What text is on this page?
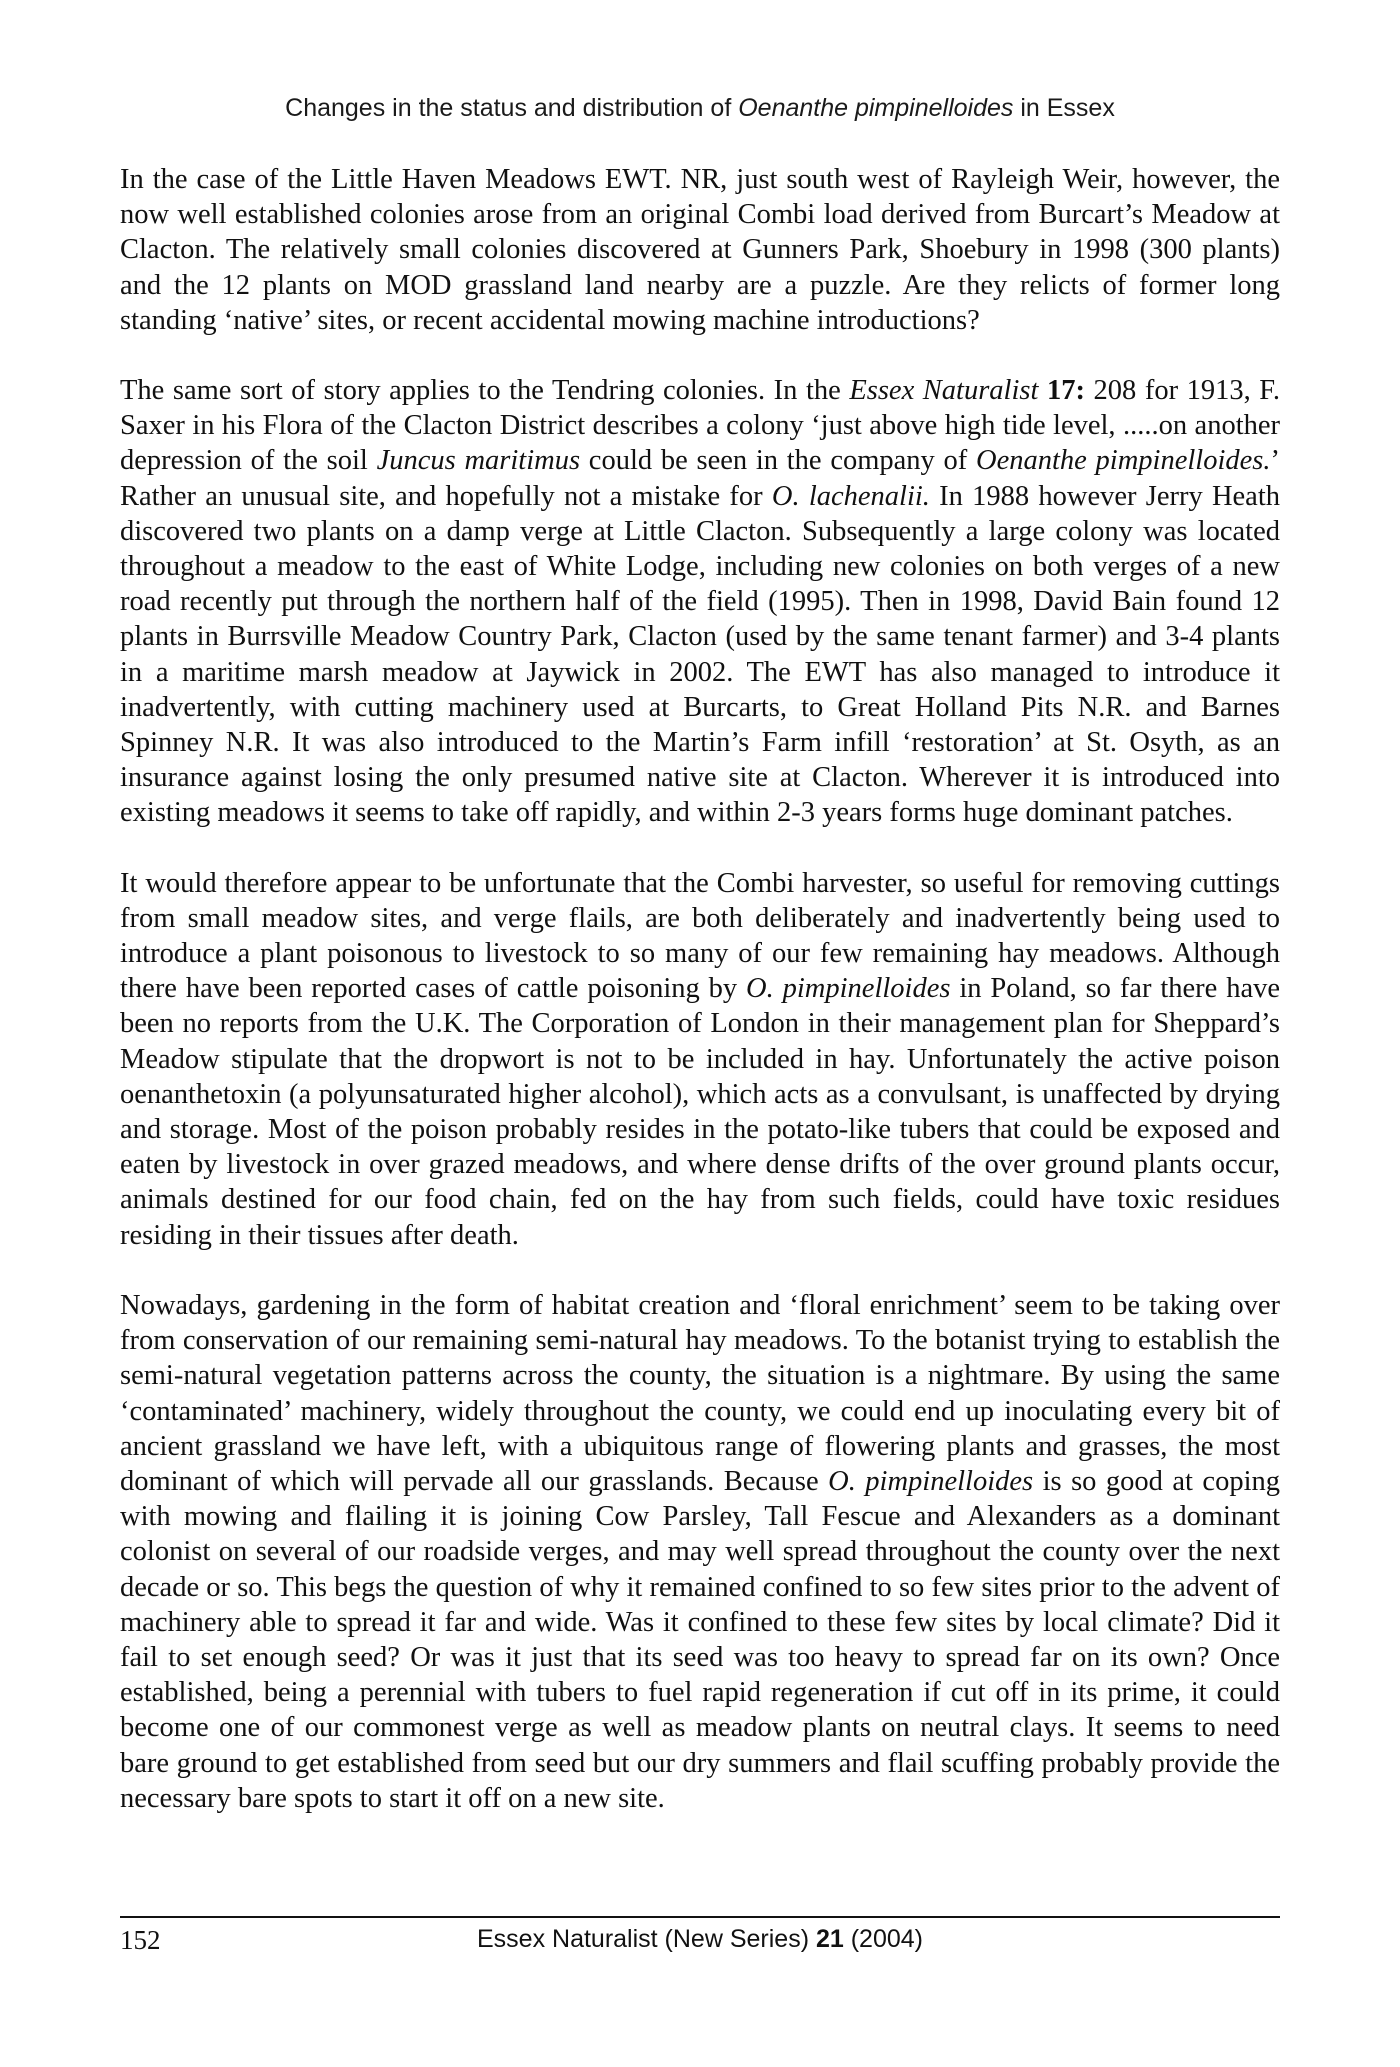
Changes in the status and distribution of Oenanthe pimpinelloides in Essex

In the case of the Little Haven Meadows EWT. NR, just south west of Rayleigh Weir, however, the now well established colonies arose from an original Combi load derived from Burcart’s Meadow at Clacton. The relatively small colonies discovered at Gunners Park, Shoebury in 1998 (300 plants) and the 12 plants on MOD grassland land nearby are a puzzle. Are they relicts of former long standing ‘native’ sites, or recent accidental mowing machine introductions?

The same sort of story applies to the Tendring colonies. In the Essex Naturalist 17: 208 for 1913, F. Saxer in his Flora of the Clacton District describes a colony ‘just above high tide level, .....on another depression of the soil Juncus maritimus could be seen in the company of Oenanthe pimpinelloides.’ Rather an unusual site, and hopefully not a mistake for O. lachenalii. In 1988 however Jerry Heath discovered two plants on a damp verge at Little Clacton. Subsequently a large colony was located throughout a meadow to the east of White Lodge, including new colonies on both verges of a new road recently put through the northern half of the field (1995). Then in 1998, David Bain found 12 plants in Burrsville Meadow Country Park, Clacton (used by the same tenant farmer) and 3-4 plants in a maritime marsh meadow at Jaywick in 2002. The EWT has also managed to introduce it inadvertently, with cutting machinery used at Burcarts, to Great Holland Pits N.R. and Barnes Spinney N.R. It was also introduced to the Martin’s Farm infill ‘restoration’ at St. Osyth, as an insurance against losing the only presumed native site at Clacton. Wherever it is introduced into existing meadows it seems to take off rapidly, and within 2-3 years forms huge dominant patches.

It would therefore appear to be unfortunate that the Combi harvester, so useful for removing cuttings from small meadow sites, and verge flails, are both deliberately and inadvertently being used to introduce a plant poisonous to livestock to so many of our few remaining hay meadows. Although there have been reported cases of cattle poisoning by O. pimpinelloides in Poland, so far there have been no reports from the U.K. The Corporation of London in their management plan for Sheppard’s Meadow stipulate that the dropwort is not to be included in hay. Unfortunately the active poison oenanthetoxin (a polyunsaturated higher alcohol), which acts as a convulsant, is unaffected by drying and storage. Most of the poison probably resides in the potato-like tubers that could be exposed and eaten by livestock in over grazed meadows, and where dense drifts of the over ground plants occur, animals destined for our food chain, fed on the hay from such fields, could have toxic residues residing in their tissues after death.

Nowadays, gardening in the form of habitat creation and ‘floral enrichment’ seem to be taking over from conservation of our remaining semi-natural hay meadows. To the botanist trying to establish the semi-natural vegetation patterns across the county, the situation is a nightmare. By using the same ‘contaminated’ machinery, widely throughout the county, we could end up inoculating every bit of ancient grassland we have left, with a ubiquitous range of flowering plants and grasses, the most dominant of which will pervade all our grasslands. Because O. pimpinelloides is so good at coping with mowing and flailing it is joining Cow Parsley, Tall Fescue and Alexanders as a dominant colonist on several of our roadside verges, and may well spread throughout the county over the next decade or so. This begs the question of why it remained confined to so few sites prior to the advent of machinery able to spread it far and wide. Was it confined to these few sites by local climate? Did it fail to set enough seed? Or was it just that its seed was too heavy to spread far on its own? Once established, being a perennial with tubers to fuel rapid regeneration if cut off in its prime, it could become one of our commonest verge as well as meadow plants on neutral clays. It seems to need bare ground to get established from seed but our dry summers and flail scuffing probably provide the necessary bare spots to start it off on a new site.

152	Essex Naturalist (New Series) 21 (2004)
